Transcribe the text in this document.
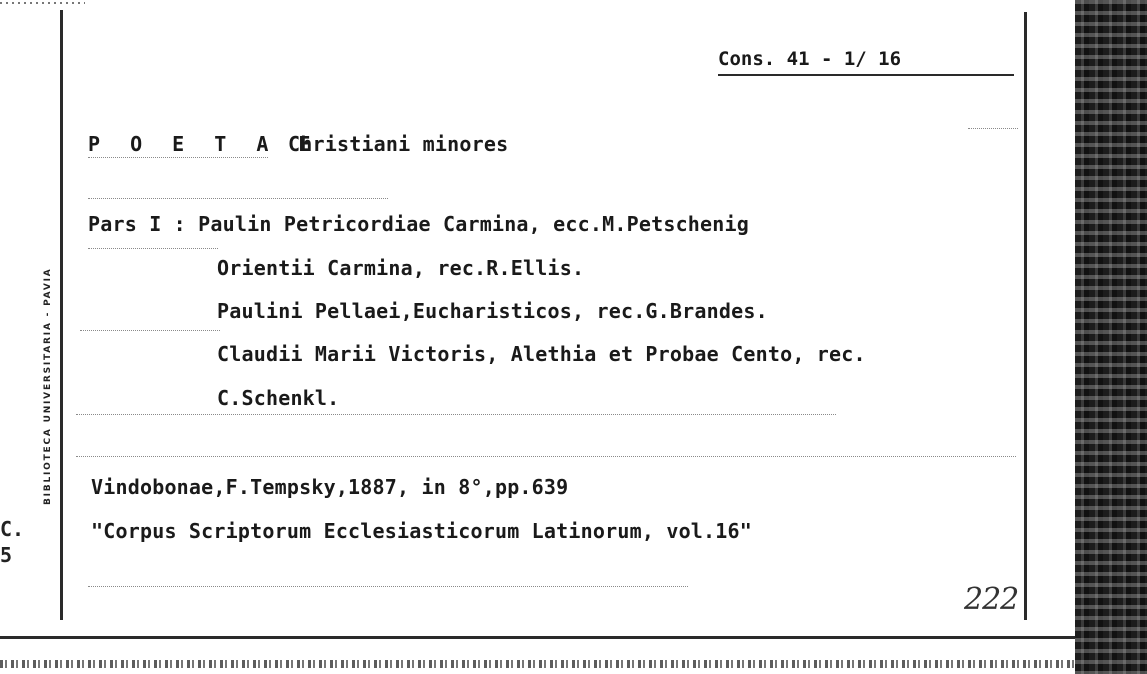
BIBLIOTECA UNIVERSITARIA - PAVIA
C.
5
Cons. 41 - 1/ 16
P O E T A E
Christiani minores
Pars I : Paulin Petricordiae Carmina, ecc.M.Petschenig
Orientii Carmina, rec.R.Ellis.
Paulini Pellaei,Eucharisticos, rec.G.Brandes.
Claudii Marii Victoris, Alethia et Probae Cento, rec.
C.Schenkl.
Vindobonae,F.Tempsky,1887, in 8°,pp.639
"Corpus Scriptorum Ecclesiasticorum Latinorum, vol.16"
222
